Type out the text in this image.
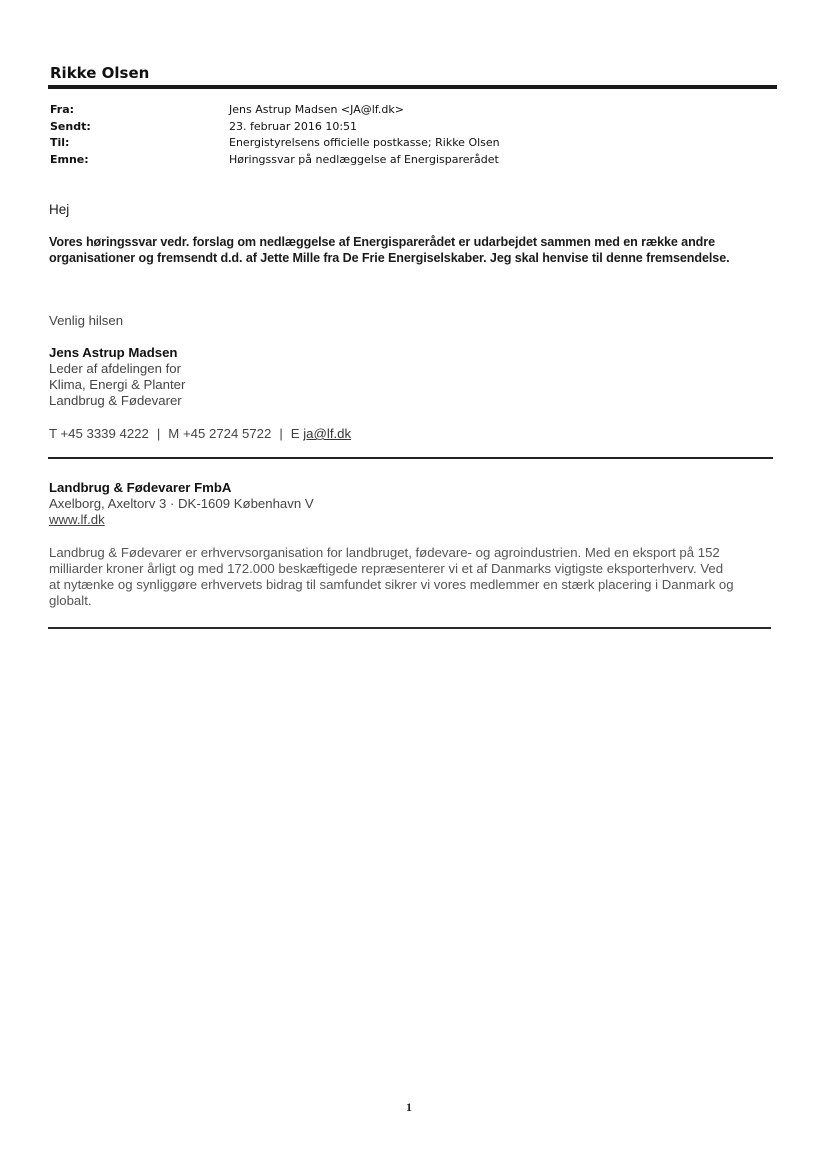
Rikke Olsen
Fra:	Jens Astrup Madsen <JA@lf.dk>
Sendt:	23. februar 2016 10:51
Til:	Energistyrelsens officielle postkasse; Rikke Olsen
Emne:	Høringssvar på nedlæggelse af Energisparerådet
Hej
Vores høringssvar vedr. forslag om nedlæggelse af Energisparerådet er udarbejdet sammen med en række andre
organisationer og fremsendt d.d. af Jette Mille fra De Frie Energiselskaber. Jeg skal henvise til denne fremsendelse.
Venlig hilsen
Jens Astrup Madsen
Leder af afdelingen for
Klima, Energi & Planter
Landbrug & Fødevarer
T +45 3339 4222 | M +45 2724 5722 | E ja@lf.dk
Landbrug & Fødevarer FmbA
Axelborg, Axeltorv 3 · DK-1609 København V
www.lf.dk
Landbrug & Fødevarer er erhvervsorganisation for landbruget, fødevare- og agroindustrien. Med en eksport på 152
milliarder kroner årligt og med 172.000 beskæftigede repræsenterer vi et af Danmarks vigtigste eksporterhverv. Ved
at nytænke og synliggøre erhvervets bidrag til samfundet sikrer vi vores medlemmer en stærk placering i Danmark og
globalt.
1
